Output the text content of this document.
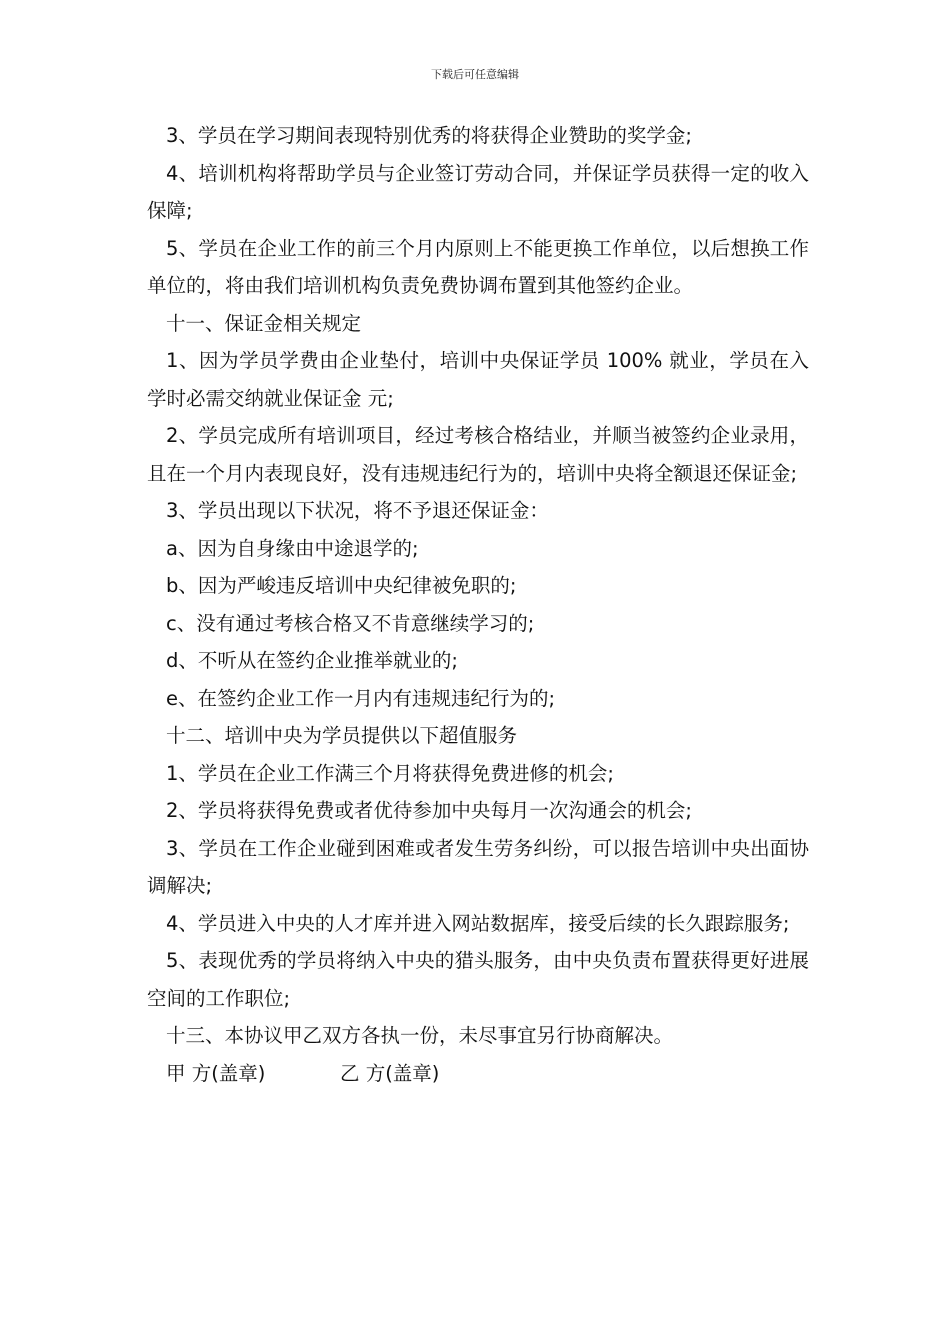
下载后可任意编辑

3、学员在学习期间表现特别优秀的将获得企业赞助的奖学金;

4、培训机构将帮助学员与企业签订劳动合同，并保证学员获得一定的收入保障;

5、学员在企业工作的前三个月内原则上不能更换工作单位，以后想换工作单位的，将由我们培训机构负责免费协调布置到其他签约企业。

十一、保证金相关规定

1、因为学员学费由企业垫付，培训中央保证学员 100% 就业，学员在入学时必需交纳就业保证金 元;

2、学员完成所有培训项目，经过考核合格结业，并顺当被签约企业录用，且在一个月内表现良好，没有违规违纪行为的，培训中央将全额退还保证金;

3、学员出现以下状况，将不予退还保证金：

a、因为自身缘由中途退学的;

b、因为严峻违反培训中央纪律被免职的;

c、没有通过考核合格又不肯意继续学习的;

d、不听从在签约企业推举就业的;

e、在签约企业工作一月内有违规违纪行为的;

十二、培训中央为学员提供以下超值服务

1、学员在企业工作满三个月将获得免费进修的机会;

2、学员将获得免费或者优待参加中央每月一次沟通会的机会;

3、学员在工作企业碰到困难或者发生劳务纠纷，可以报告培训中央出面协调解决;

4、学员进入中央的人才库并进入网站数据库，接受后续的长久跟踪服务;

5、表现优秀的学员将纳入中央的猎头服务，由中央负责布置获得更好进展空间的工作职位;

十三、本协议甲乙双方各执一份，未尽事宜另行协商解决。

甲 方(盖章)	乙 方(盖章)
